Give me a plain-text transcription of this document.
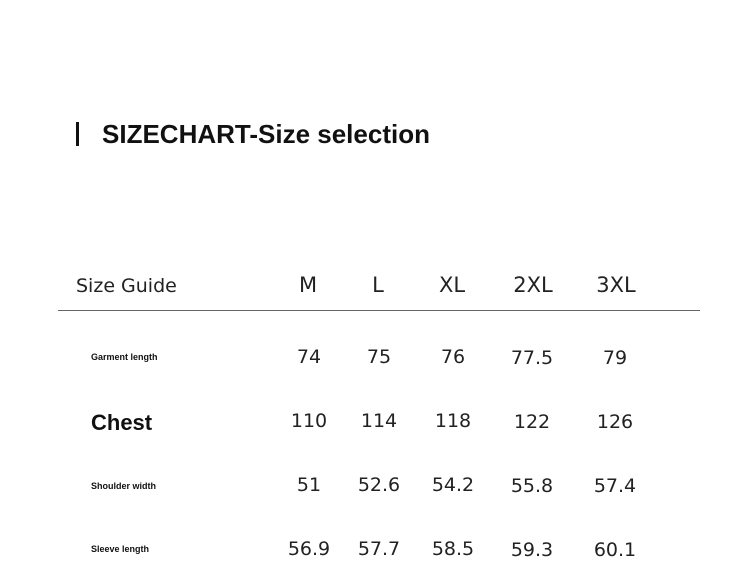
SIZECHART-Size selection
Size Guide	M	L	XL 2XL 3XL
Garment length	74 75	76 77.5	79
Chest	110 114 118 122 126
Shoulder width	51 52.6 54.2 55.8 57.4
Sleeve length	56.9 57.7 58.5 59.3 60.1
